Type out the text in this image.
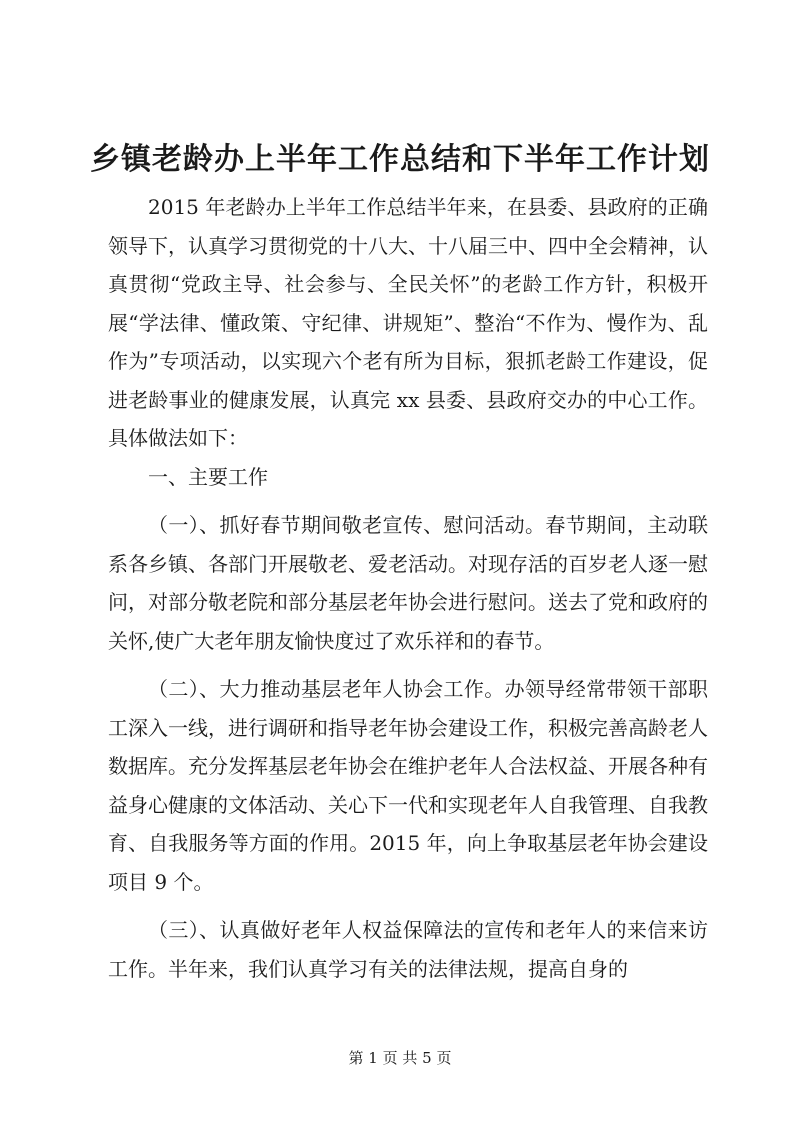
乡镇老龄办上半年工作总结和下半年工作计划

2015 年老龄办上半年工作总结半年来，在县委、县政府的正确领导下，认真学习贯彻党的十八大、十八届三中、四中全会精神，认真贯彻“党政主导、社会参与、全民关怀”的老龄工作方针，积极开展“学法律、懂政策、守纪律、讲规矩”、整治“不作为、慢作为、乱作为”专项活动，以实现六个老有所为目标，狠抓老龄工作建设，促进老龄事业的健康发展，认真完 xx 县委、县政府交办的中心工作。具体做法如下：

一、主要工作

（一）、抓好春节期间敬老宣传、慰问活动。春节期间，主动联系各乡镇、各部门开展敬老、爱老活动。对现存活的百岁老人逐一慰问，对部分敬老院和部分基层老年协会进行慰问。送去了党和政府的关怀,使广大老年朋友愉快度过了欢乐祥和的春节。

（二）、大力推动基层老年人协会工作。办领导经常带领干部职工深入一线，进行调研和指导老年协会建设工作，积极完善高龄老人数据库。充分发挥基层老年协会在维护老年人合法权益、开展各种有益身心健康的文体活动、关心下一代和实现老年人自我管理、自我教育、自我服务等方面的作用。2015 年，向上争取基层老年协会建设项目 9 个。

（三）、认真做好老年人权益保障法的宣传和老年人的来信来访工作。半年来，我们认真学习有关的法律法规，提高自身的

第 1 页 共 5 页
